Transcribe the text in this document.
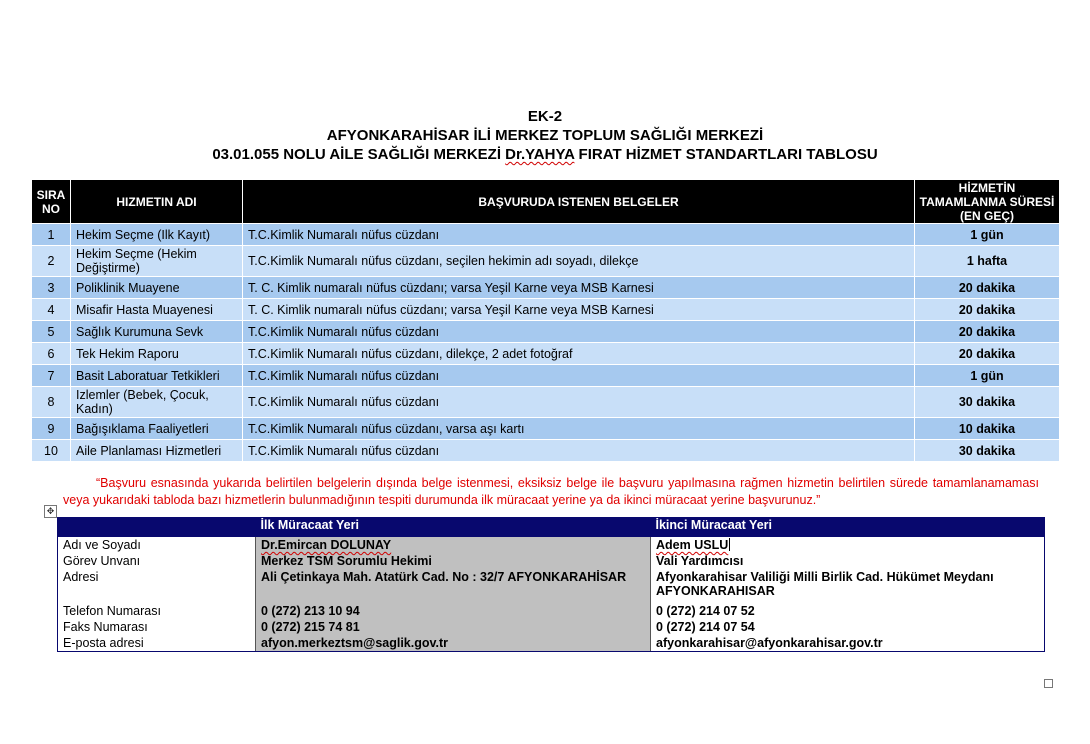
EK-2
AFYONKARAHİSAR İLİ MERKEZ TOPLUM SAĞLIĞI MERKEZİ
03.01.055 NOLU AİLE SAĞLIĞI MERKEZİ Dr.YAHYA FIRAT HİZMET STANDARTLARI TABLOSU
SIRA NO	HIZMETIN ADI	BAŞVURUDA ISTENEN BELGELER	HİZMETİN TAMAMLANMA SÜRESİ (EN GEÇ)
1	Hekim Seçme (Ilk Kayıt)	T.C.Kimlik Numaralı nüfus cüzdanı	1 gün
2	Hekim Seçme (Hekim Değiştirme)	T.C.Kimlik Numaralı nüfus cüzdanı, seçilen hekimin adı soyadı, dilekçe	1 hafta
3	Poliklinik Muayene	T. C. Kimlik numaralı nüfus cüzdanı; varsa Yeşil Karne veya MSB Karnesi	20 dakika
4	Misafir Hasta Muayenesi	T. C. Kimlik numaralı nüfus cüzdanı; varsa Yeşil Karne veya MSB Karnesi	20 dakika
5	Sağlık Kurumuna Sevk	T.C.Kimlik Numaralı nüfus cüzdanı	20 dakika
6	Tek Hekim Raporu	T.C.Kimlik Numaralı nüfus cüzdanı, dilekçe, 2 adet fotoğraf	20 dakika
7	Basit Laboratuar Tetkikleri	T.C.Kimlik Numaralı nüfus cüzdanı	1 gün
8	Izlemler (Bebek, Çocuk, Kadın)	T.C.Kimlik Numaralı nüfus cüzdanı	30 dakika
9	Bağışıklama Faaliyetleri	T.C.Kimlik Numaralı nüfus cüzdanı, varsa aşı kartı	10 dakika
10	Aile Planlaması Hizmetleri	T.C.Kimlik Numaralı nüfus cüzdanı	30 dakika
“Başvuru esnasında yukarıda belirtilen belgelerin dışında belge istenmesi, eksiksiz belge ile başvuru yapılmasına rağmen hizmetin belirtilen sürede tamamlanamaması veya yukarıdaki tabloda bazı hizmetlerin bulunmadığının tespiti durumunda ilk müracaat yerine ya da ikinci müracaat yerine başvurunuz.”
✥
	İlk Müracaat Yeri	İkinci Müracaat Yeri
Adı ve Soyadı	Dr.Emircan DOLUNAY	Adem USLU
Görev Unvanı	Merkez TSM Sorumlu Hekimi	Vali Yardımcısı
Adresi	Ali Çetinkaya Mah. Atatürk Cad. No : 32/7 AFYONKARAHİSAR	Afyonkarahisar Valiliği Milli Birlik Cad. Hükümet Meydanı AFYONKARAHISAR
Telefon Numarası	0 (272) 213 10 94	0 (272) 214 07 52
Faks Numarası	0 (272) 215 74 81	0 (272) 214 07 54
E-posta adresi	afyon.merkeztsm@saglik.gov.tr	afyonkarahisar@afyonkarahisar.gov.tr
